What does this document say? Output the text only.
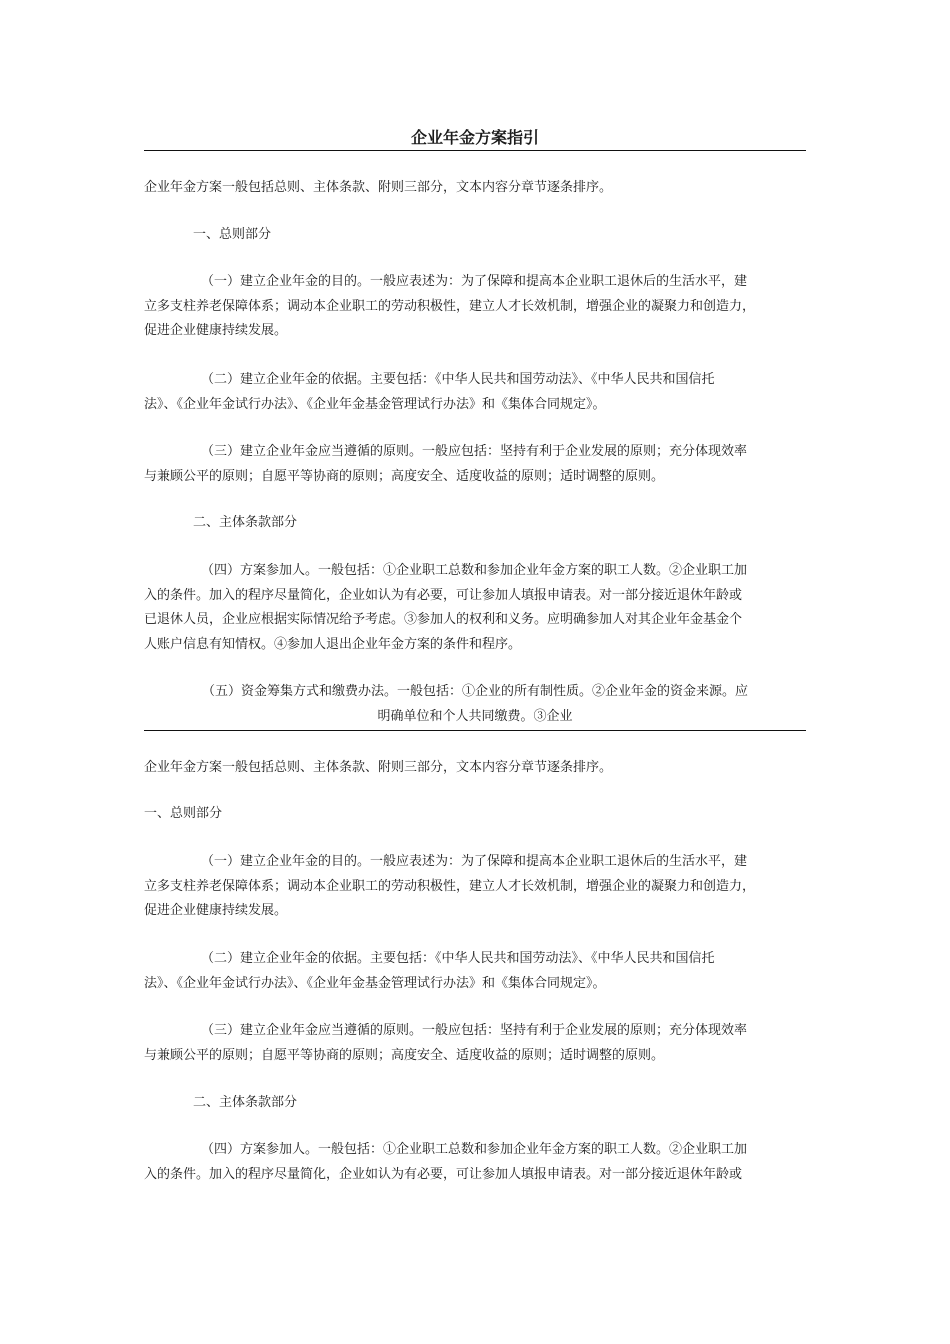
企业年金方案指引

企业年金方案一般包括总则、主体条款、附则三部分，文本内容分章节逐条排序。

一、总则部分

（一）建立企业年金的目的。一般应表述为：为了保障和提高本企业职工退休后的生活水平，建
立多支柱养老保障体系；调动本企业职工的劳动积极性，建立人才长效机制，增强企业的凝聚力和创造力，
促进企业健康持续发展。
（二）建立企业年金的依据。主要包括：《中华人民共和国劳动法》、《中华人民共和国信托
法》、《企业年金试行办法》、《企业年金基金管理试行办法》和《集体合同规定》。
（三）建立企业年金应当遵循的原则。一般应包括：坚持有利于企业发展的原则；充分体现效率
与兼顾公平的原则；自愿平等协商的原则；高度安全、适度收益的原则；适时调整的原则。

二、主体条款部分

（四）方案参加人。一般包括：①企业职工总数和参加企业年金方案的职工人数。②企业职工加
入的条件。加入的程序尽量简化，企业如认为有必要，可让参加人填报申请表。对一部分接近退休年龄或
已退休人员，企业应根据实际情况给予考虑。③参加人的权利和义务。应明确参加人对其企业年金基金个
人账户信息有知情权。④参加人退出企业年金方案的条件和程序。
（五）资金筹集方式和缴费办法。一般包括：①企业的所有制性质。②企业年金的资金来源。应
明确单位和个人共同缴费。③企业

企业年金方案一般包括总则、主体条款、附则三部分，文本内容分章节逐条排序。

一、总则部分

（一）建立企业年金的目的。一般应表述为：为了保障和提高本企业职工退休后的生活水平，建
立多支柱养老保障体系；调动本企业职工的劳动积极性，建立人才长效机制，增强企业的凝聚力和创造力，
促进企业健康持续发展。
（二）建立企业年金的依据。主要包括：《中华人民共和国劳动法》、《中华人民共和国信托
法》、《企业年金试行办法》、《企业年金基金管理试行办法》和《集体合同规定》。
（三）建立企业年金应当遵循的原则。一般应包括：坚持有利于企业发展的原则；充分体现效率
与兼顾公平的原则；自愿平等协商的原则；高度安全、适度收益的原则；适时调整的原则。

二、主体条款部分

（四）方案参加人。一般包括：①企业职工总数和参加企业年金方案的职工人数。②企业职工加
入的条件。加入的程序尽量简化，企业如认为有必要，可让参加人填报申请表。对一部分接近退休年龄或
